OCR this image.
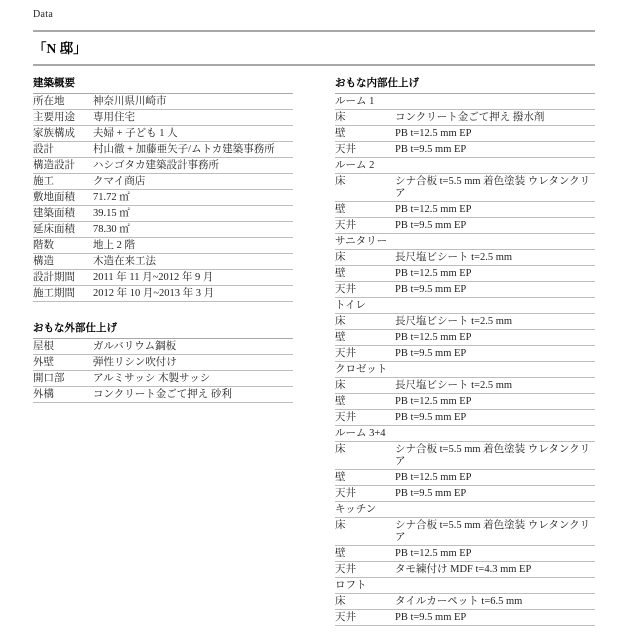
Data
「N 邸」
建築概要
所在地	神奈川県川崎市
主要用途	専用住宅
家族構成	夫婦 + 子ども 1 人
設計	村山徹 + 加藤亜矢子/ムトカ建築事務所
構造設計	ハシゴタカ建築設計事務所
施工	クマイ商店
敷地面積	71.72 ㎡
建築面積	39.15 ㎡
延床面積	78.30 ㎡
階数	地上 2 階
構造	木造在来工法
設計期間	2011 年 11 月~2012 年 9 月
施工期間	2012 年 10 月~2013 年 3 月
おもな外部仕上げ
屋根	ガルバリウム鋼板
外壁	弾性リシン吹付け
開口部	アルミサッシ 木製サッシ
外構	コンクリート金ごて押え 砂利
おもな内部仕上げ
ルーム 1
床	コンクリート金ごて押え 撥水剤
壁	PB t=12.5 mm EP
天井	PB t=9.5 mm EP
ルーム 2
床	シナ合板 t=5.5 mm 着色塗装 ウレタンクリア
壁	PB t=12.5 mm EP
天井	PB t=9.5 mm EP
サニタリー
床	長尺塩ビシート t=2.5 mm
壁	PB t=12.5 mm EP
天井	PB t=9.5 mm EP
トイレ
床	長尺塩ビシート t=2.5 mm
壁	PB t=12.5 mm EP
天井	PB t=9.5 mm EP
クロゼット
床	長尺塩ビシート t=2.5 mm
壁	PB t=12.5 mm EP
天井	PB t=9.5 mm EP
ルーム 3+4
床	シナ合板 t=5.5 mm 着色塗装 ウレタンクリア
壁	PB t=12.5 mm EP
天井	PB t=9.5 mm EP
キッチン
床	シナ合板 t=5.5 mm 着色塗装 ウレタンクリア
壁	PB t=12.5 mm EP
天井	タモ練付け MDF t=4.3 mm EP
ロフト
床	タイルカーペット t=6.5 mm
天井	PB t=9.5 mm EP
